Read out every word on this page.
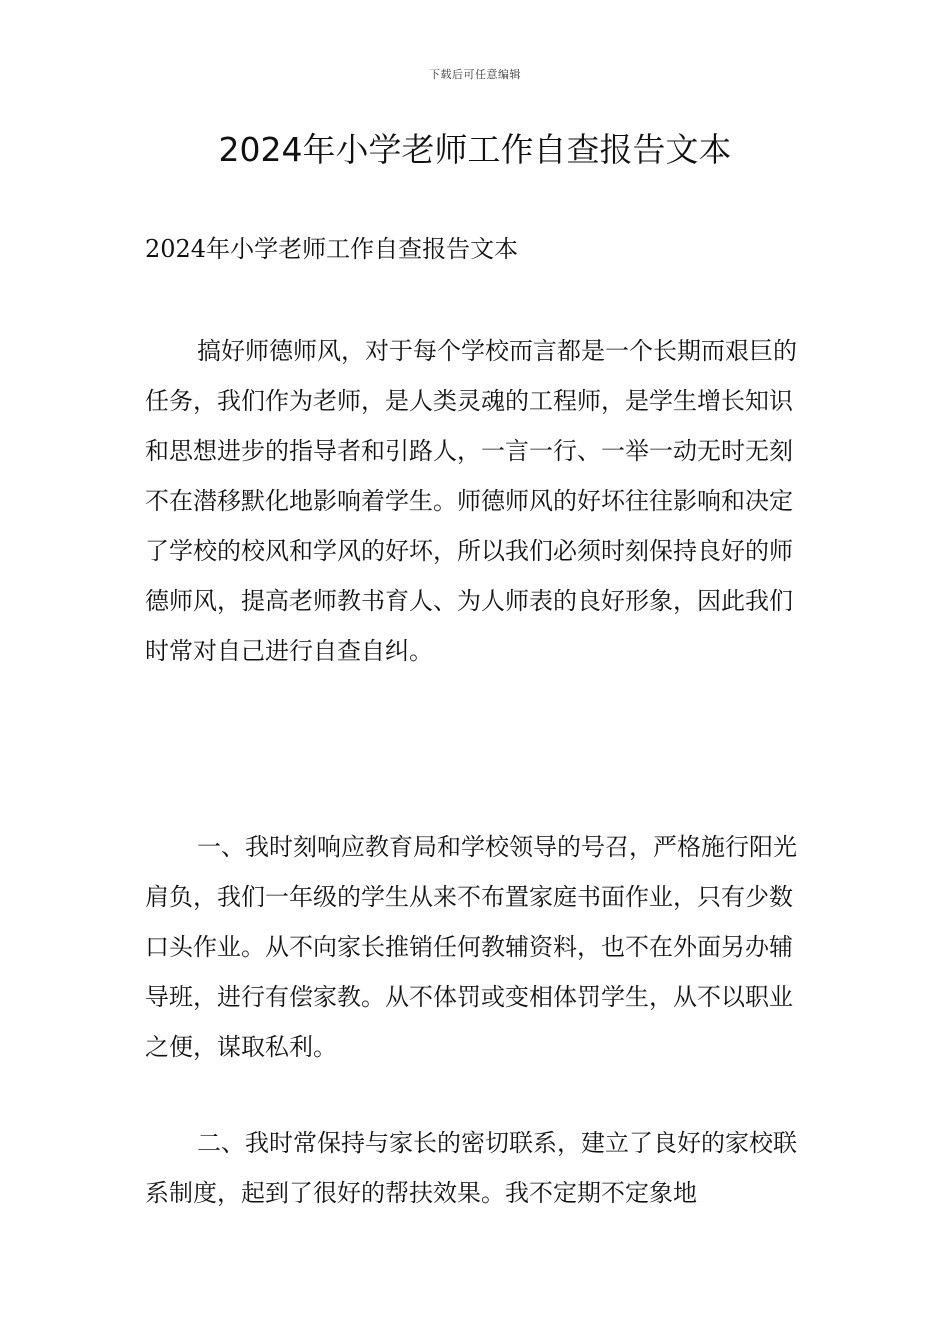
下载后可任意编辑
2024年小学老师工作自查报告文本

2024年小学老师工作自查报告文本

搞好师德师风，对于每个学校而言都是一个长期而艰巨的任务，我们作为老师，是人类灵魂的工程师，是学生增长知识和思想进步的指导者和引路人，一言一行、一举一动无时无刻不在潜移默化地影响着学生。师德师风的好坏往往影响和决定了学校的校风和学风的好坏，所以我们必须时刻保持良好的师德师风，提高老师教书育人、为人师表的良好形象，因此我们时常对自己进行自查自纠。

一、我时刻响应教育局和学校领导的号召，严格施行阳光肩负，我们一年级的学生从来不布置家庭书面作业，只有少数口头作业。从不向家长推销任何教辅资料，也不在外面另办辅导班，进行有偿家教。从不体罚或变相体罚学生，从不以职业之便，谋取私利。

二、我时常保持与家长的密切联系，建立了良好的家校联系制度，起到了很好的帮扶效果。我不定期不定象地
